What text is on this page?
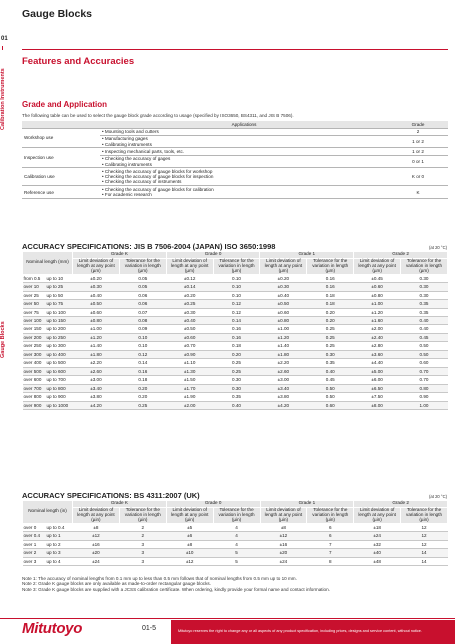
01
Calibration Instruments
Gauge Blocks
Gauge Blocks
Features and Accuracies
Grade and Application
The following table can be used to select the gauge block grade according to usage (specified by ISO3650, BS4311, and JIS B 7506).
	Applications	Grade
Workshop use	• Mounting tools and cutters	2

	• Manufacturing gages
• Calibrating instruments	1 or 2
Inspection use	• Inspecting mechanical parts, tools, etc.	1 or 2

	• Checking the accuracy of gages
• Calibrating instruments	0 or 1
Calibration use	• Checking the accuracy of gauge blocks for workshop
• Checking the accuracy of gauge blocks for inspection
• Checking the accuracy of instruments	K or 0
Reference use	• Checking the accuracy of gauge blocks for calibration
• For academic research	K
ACCURACY SPECIFICATIONS: JIS B 7506-2004 (JAPAN) ISO 3650:1998	(at 20 °C)
Nominal length (mm)		Grade K		Grade 0		Grade 1		Grade 2	
		Limit deviation of length at any point (µm)	Tolerance for the variation in length (µm)	Limit deviation of length at any point (µm)	Tolerance for the variation in length (µm)	Limit deviation of length at any point (µm)	Tolerance for the variation in length (µm)	Limit deviation of length at any point (µm)	Tolerance for the variation in length (µm)
from 0.5	up to 10	±0.20	0.05	±0.12	0.10	±0.20	0.16	±0.45	0.30
over 10	up to 25	±0.30	0.05	±0.14	0.10	±0.30	0.16	±0.60	0.30
over 25	up to 50	±0.40	0.06	±0.20	0.10	±0.40	0.18	±0.80	0.30
over 50	up to 75	±0.50	0.06	±0.25	0.12	±0.50	0.18	±1.00	0.35
over 75	up to 100	±0.60	0.07	±0.30	0.12	±0.60	0.20	±1.20	0.35
over 100	up to 150	±0.80	0.08	±0.40	0.14	±0.80	0.20	±1.60	0.40
over 150	up to 200	±1.00	0.09	±0.50	0.16	±1.00	0.25	±2.00	0.40
over 200	up to 250	±1.20	0.10	±0.60	0.16	±1.20	0.25	±2.40	0.45
over 250	up to 300	±1.40	0.10	±0.70	0.18	±1.40	0.25	±2.80	0.50
over 300	up to 400	±1.80	0.12	±0.90	0.20	±1.80	0.30	±3.60	0.50
over 400	up to 500	±2.20	0.14	±1.10	0.25	±2.20	0.35	±4.40	0.60
over 500	up to 600	±2.60	0.16	±1.30	0.25	±2.60	0.40	±5.00	0.70
over 600	up to 700	±3.00	0.18	±1.50	0.30	±3.00	0.45	±6.00	0.70
over 700	up to 800	±3.40	0.20	±1.70	0.30	±3.40	0.50	±6.50	0.80
over 800	up to 900	±3.80	0.20	±1.90	0.35	±3.80	0.50	±7.50	0.90
over 900	up to 1000	±4.20	0.25	±2.00	0.40	±4.20	0.60	±8.00	1.00
ACCURACY SPECIFICATIONS: BS 4311:2007 (UK)	(at 20 °C)
Nominal length (in)		Grade K		Grade 0		Grade 1		Grade 2	
		Limit deviation of length at any point (µin)	Tolerance for the variation in length (µin)	Limit deviation of length at any point (µin)	Tolerance for the variation in length (µin)	Limit deviation of length at any point (µin)	Tolerance for the variation in length (µin)	Limit deviation of length at any point (µin)	Tolerance for the variation in length (µin)
over 0	up to 0.4	±8	2	±5	4	±8	6	±18	12
over 0.4	up to 1	±12	2	±6	4	±12	6	±24	12
over 1	up to 2	±16	3	±8	4	±16	7	±32	12
over 2	up to 3	±20	3	±10	5	±20	7	±40	14
over 3	up to 4	±24	3	±12	5	±24	8	±48	14
Note 1: The accuracy of nominal lengths from 0.1 mm up to less than 0.5 mm follows that of nominal lengths from 0.5 mm up to 10 mm.
Note 2: Grade K gauge blocks are only available as made-to-order rectangular gauge blocks.
Note 3: Grade K gauge blocks are supplied with a JCSS calibration certificate. When ordering, kindly provide your formal name and contact information.
Mitutoyo	01-5	Mitutoyo reserves the right to change any or all aspects of any product specification, including prices, designs and service content, without notice.
